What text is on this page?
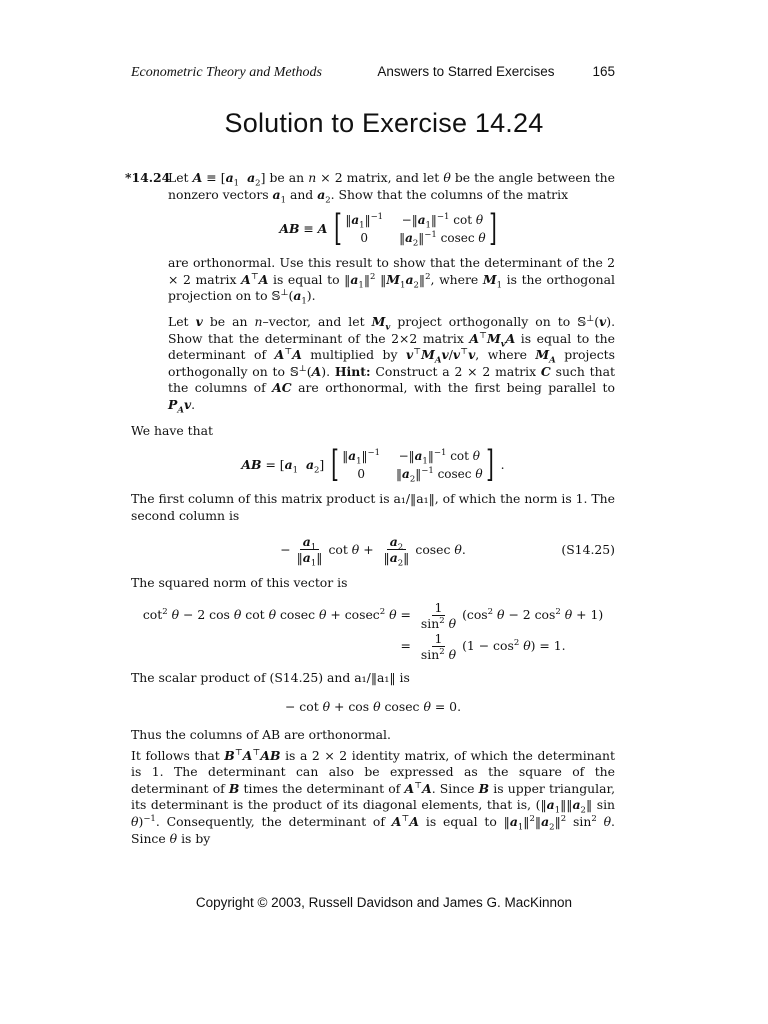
Econometric Theory and Methods	Answers to Starred Exercises	165
Solution to Exercise 14.24
*14.24

Let $A \equiv [a_1$ $a_2$] be an n × 2 matrix, and let θ be the angle between the nonzero vectors $a_1$ and $a_2$. Show that the columns of the matrix

AB ≡ A [ $‖a_1‖^{-1}$ $-‖a_1‖^{-1}$ cot θ
0	$‖a_2‖^{-1}$ cosec θ ]

are orthonormal. Use this result to show that the determinant of the 2 × 2 matrix A⊤A is equal to $‖a_1‖^2$ $‖M_1a_2‖^2$, where $M_1$ is the orthogonal projection on to $𝕊^\perp(a_1)$.

Let v be an n–vector, and let $M_v$ project orthogonally on to 𝕊⊥(v). Show that the determinant of the 2×2 matrix $A^⊤M_vA$ is equal to the determinant of A⊤A multiplied by $v^⊤M_Av/v^⊤v$, where $M_A$ projects orthogonally on to 𝕊⊥(A). Hint: Construct a 2 × 2 matrix C such that the columns of AC are orthonormal, with the first being parallel to $P_Av$.

We have that

AB = [$a_1$ $a_2$] [ $‖a_1‖^{-1}$ $-‖a_1‖^{-1}$ cot θ
0	$‖a_2‖^{-1}$ cosec θ ] .

The first column of this matrix product is a₁/‖a₁‖, of which the norm is 1. The second column is

− $\frac{a_1}{‖a_1‖}$ $\cot \theta + \frac{a_2}{‖a_2‖}$ cosec θ.	(S14.25)

The squared norm of this vector is

$\cot^2 \theta - 2$ cos θ cot θ cosec θ + cosec$^2$ $\theta = \frac{1}{\sin^2 \theta} (\cos^2$ θ − 2 $\cos^2 \theta + 1$)
= $\frac{1}{\sin^2 \theta} (1 - \cos^2 \theta) = 1$.

The scalar product of (S14.25) and a₁/‖a₁‖ is

− cot θ + cos θ cosec θ = 0.

Thus the columns of AB are orthonormal.

It follows that B⊤A⊤AB is a 2 × 2 identity matrix, of which the determinant is 1. The determinant can also be expressed as the square of the determinant of B times the determinant of A⊤A. Since B is upper triangular, its determinant is the product of its diagonal elements, that is, ($‖a_1‖‖a_2‖$ sin θ)$^{-1}$. Consequently, the determinant of A⊤A is equal to $‖a_1‖^2‖a_2‖^2$ $\sin^2 \theta$. Since θ is by

Copyright © 2003, Russell Davidson and James G. MacKinnon
